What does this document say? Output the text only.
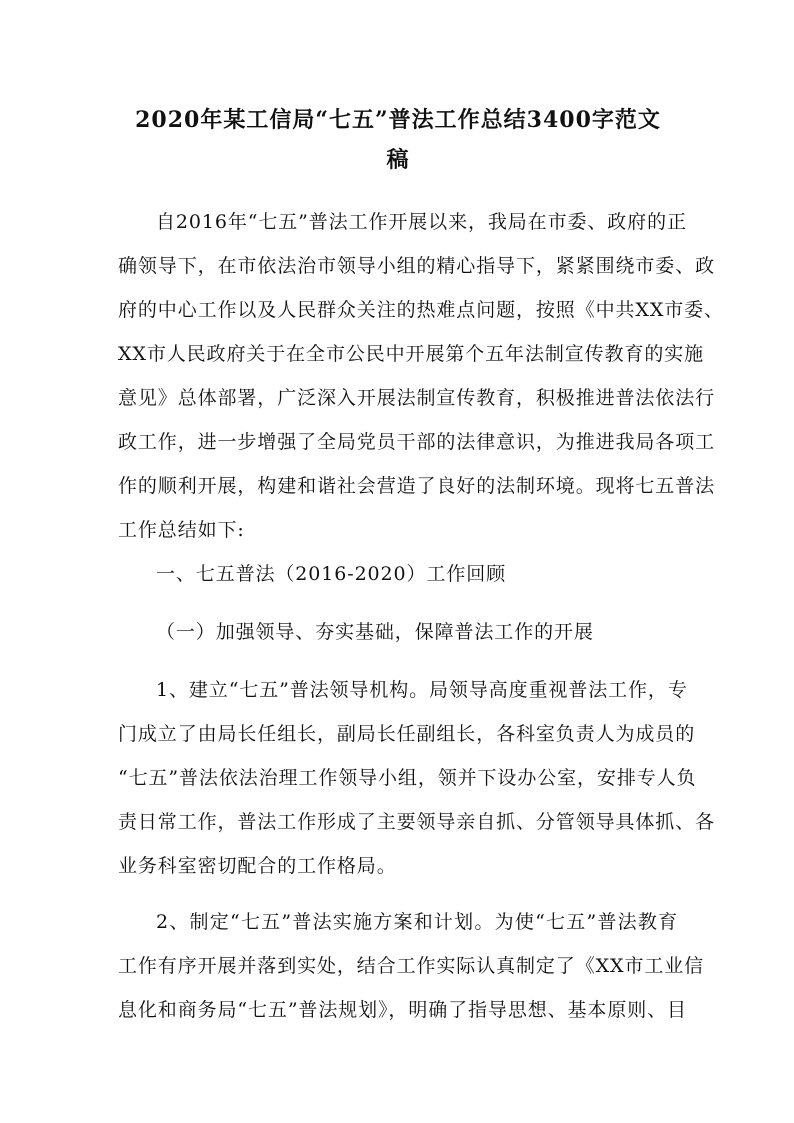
2020年某工信局“七五”普法工作总结3400字范文
稿
自2016年“七五”普法工作开展以来，我局在市委、政府的正
确领导下，在市依法治市领导小组的精心指导下，紧紧围绕市委、政
府的中心工作以及人民群众关注的热难点问题，按照《中共XX市委、
XX市人民政府关于在全市公民中开展第个五年法制宣传教育的实施
意见》总体部署，广泛深入开展法制宣传教育，积极推进普法依法行
政工作，进一步增强了全局党员干部的法律意识，为推进我局各项工
作的顺利开展，构建和谐社会营造了良好的法制环境。现将七五普法
工作总结如下:
一、七五普法（2016-2020）工作回顾
（一）加强领导、夯实基础，保障普法工作的开展
1、建立“七五”普法领导机构。局领导高度重视普法工作，专
门成立了由局长任组长，副局长任副组长，各科室负责人为成员的
“七五”普法依法治理工作领导小组，领并下设办公室，安排专人负
责日常工作，普法工作形成了主要领导亲自抓、分管领导具体抓、各
业务科室密切配合的工作格局。
2、制定“七五”普法实施方案和计划。为使“七五”普法教育
工作有序开展并落到实处，结合工作实际认真制定了《XX市工业信
息化和商务局“七五”普法规划》，明确了指导思想、基本原则、目
